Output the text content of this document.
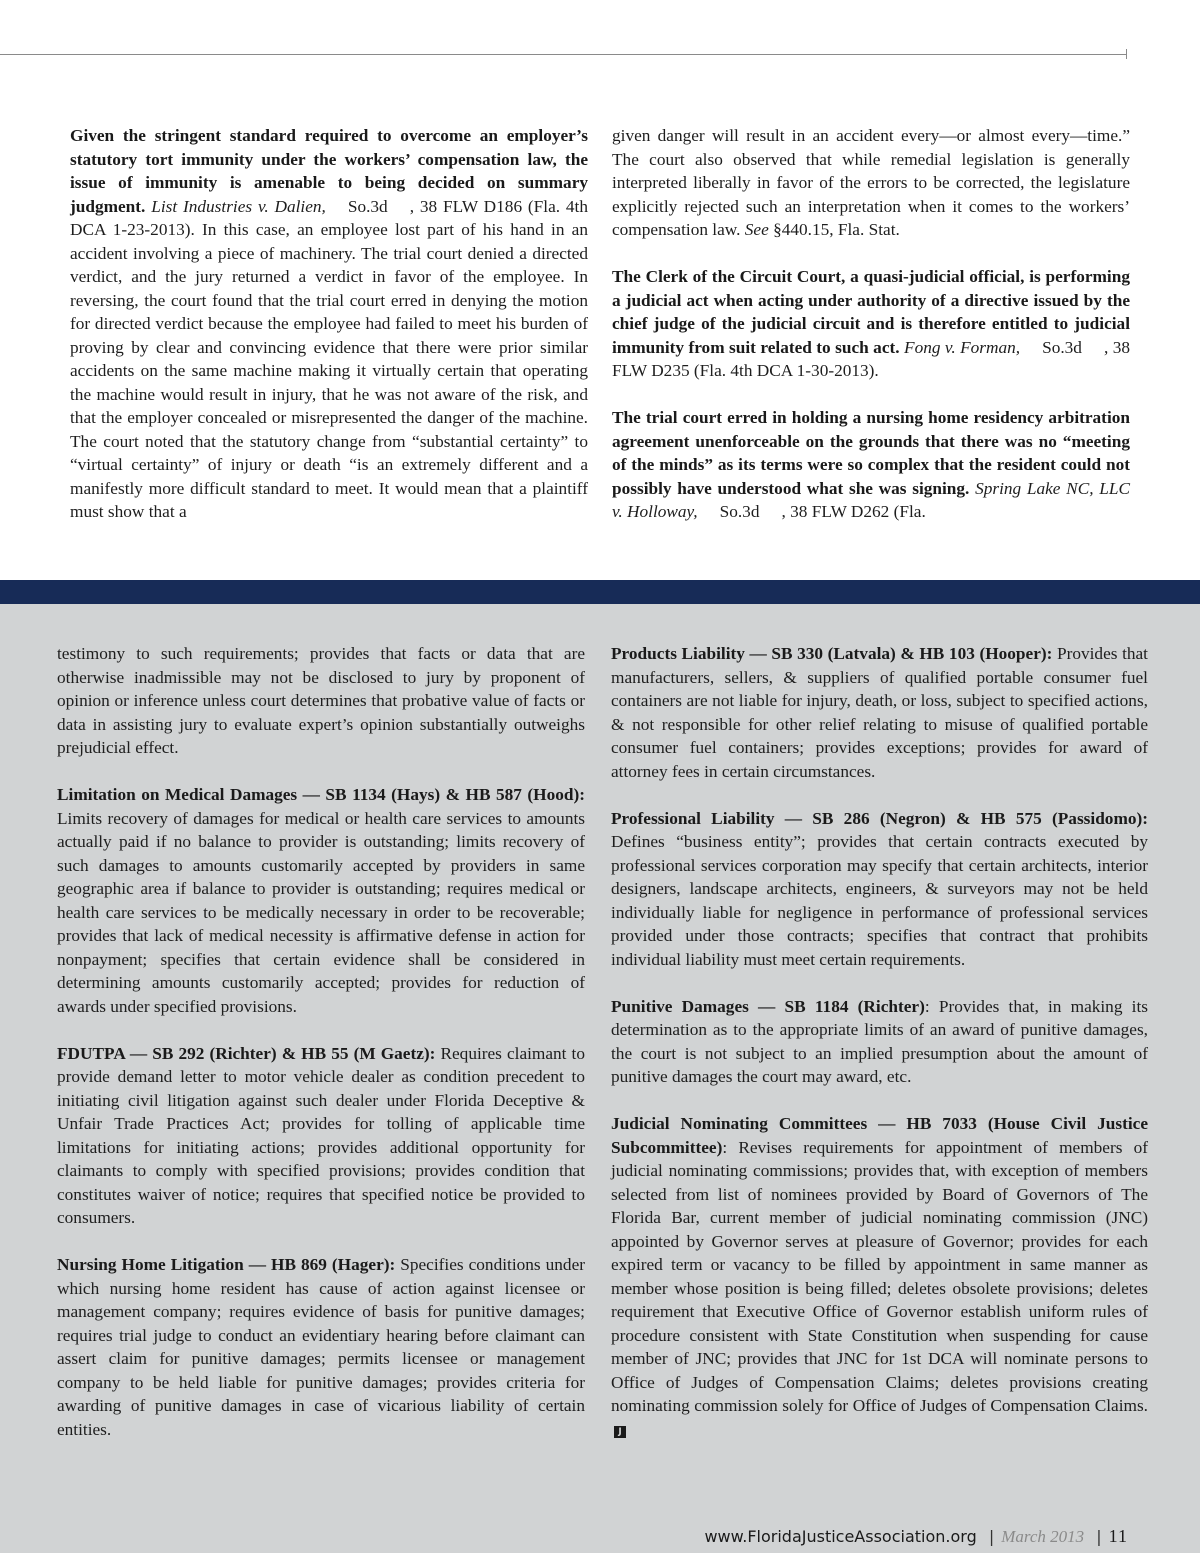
Given the stringent standard required to overcome an employer’s statutory tort immunity under the workers’ compensation law, the issue of immunity is amenable to being decided on summary judgment. List Industries v. Dalien, So.3d , 38 FLW D186 (Fla. 4th DCA 1-23-2013). In this case, an employee lost part of his hand in an accident involving a piece of machinery. The trial court denied a directed verdict, and the jury returned a verdict in favor of the employee. In reversing, the court found that the trial court erred in denying the motion for directed verdict because the employee had failed to meet his burden of proving by clear and convincing evidence that there were prior similar accidents on the same machine making it virtually certain that operating the machine would result in injury, that he was not aware of the risk, and that the employer concealed or misrepresented the danger of the machine. The court noted that the statutory change from “substantial certainty” to “virtual certainty” of injury or death “is an extremely different and a manifestly more difficult standard to meet. It would mean that a plaintiff must show that a

given danger will result in an accident every—or almost every—time.” The court also observed that while remedial legislation is generally interpreted liberally in favor of the errors to be corrected, the legislature explicitly rejected such an interpretation when it comes to the workers’ compensation law. See §440.15, Fla. Stat.

The Clerk of the Circuit Court, a quasi-judicial official, is performing a judicial act when acting under authority of a directive issued by the chief judge of the judicial circuit and is therefore entitled to judicial immunity from suit related to such act. Fong v. Forman, So.3d , 38 FLW D235 (Fla. 4th DCA 1-30-2013).

The trial court erred in holding a nursing home residency arbitration agreement unenforceable on the grounds that there was no “meeting of the minds” as its terms were so complex that the resident could not possibly have understood what she was signing. Spring Lake NC, LLC v. Holloway, So.3d , 38 FLW D262 (Fla.

testimony to such requirements; provides that facts or data that are otherwise inadmissible may not be disclosed to jury by proponent of opinion or inference unless court determines that probative value of facts or data in assisting jury to evaluate expert’s opinion substantially outweighs prejudicial effect.

Limitation on Medical Damages — SB 1134 (Hays) & HB 587 (Hood): Limits recovery of damages for medical or health care services to amounts actually paid if no balance to provider is outstanding; limits recovery of such damages to amounts customarily accepted by providers in same geographic area if balance to provider is outstanding; requires medical or health care services to be medically necessary in order to be recoverable; provides that lack of medical necessity is affirmative defense in action for nonpayment; specifies that certain evidence shall be considered in determining amounts customarily accepted; provides for reduction of awards under specified provisions.

FDUTPA — SB 292 (Richter) & HB 55 (M Gaetz): Requires claimant to provide demand letter to motor vehicle dealer as condition precedent to initiating civil litigation against such dealer under Florida Deceptive & Unfair Trade Practices Act; provides for tolling of applicable time limitations for initiating actions; provides additional opportunity for claimants to comply with specified provisions; provides condition that constitutes waiver of notice; requires that specified notice be provided to consumers.

Nursing Home Litigation — HB 869 (Hager): Specifies conditions under which nursing home resident has cause of action against licensee or management company; requires evidence of basis for punitive damages; requires trial judge to conduct an evidentiary hearing before claimant can assert claim for punitive damages; permits licensee or management company to be held liable for punitive damages; provides criteria for awarding of punitive damages in case of vicarious liability of certain entities.

Products Liability — SB 330 (Latvala) & HB 103 (Hooper): Provides that manufacturers, sellers, & suppliers of qualified portable consumer fuel containers are not liable for injury, death, or loss, subject to specified actions, & not responsible for other relief relating to misuse of qualified portable consumer fuel containers; provides exceptions; provides for award of attorney fees in certain circumstances.

Professional Liability — SB 286 (Negron) & HB 575 (Passidomo): Defines “business entity”; provides that certain contracts executed by professional services corporation may specify that certain architects, interior designers, landscape architects, engineers, & surveyors may not be held individually liable for negligence in performance of professional services provided under those contracts; specifies that contract that prohibits individual liability must meet certain requirements.

Punitive Damages — SB 1184 (Richter): Provides that, in making its determination as to the appropriate limits of an award of punitive damages, the court is not subject to an implied presumption about the amount of punitive damages the court may award, etc.

Judicial Nominating Committees — HB 7033 (House Civil Justice Subcommittee): Revises requirements for appointment of members of judicial nominating commissions; provides that, with exception of members selected from list of nominees provided by Board of Governors of The Florida Bar, current member of judicial nominating commission (JNC) appointed by Governor serves at pleasure of Governor; provides for each expired term or vacancy to be filled by appointment in same manner as member whose position is being filled; deletes obsolete provisions; deletes requirement that Executive Office of Governor establish uniform rules of procedure consistent with State Constitution when suspending for cause member of JNC; provides that JNC for 1st DCA will nominate persons to Office of Judges of Compensation Claims; deletes provisions creating nominating commission solely for Office of Judges of Compensation Claims.J

www.FloridaJusticeAssociation.org | March 2013 | 11
